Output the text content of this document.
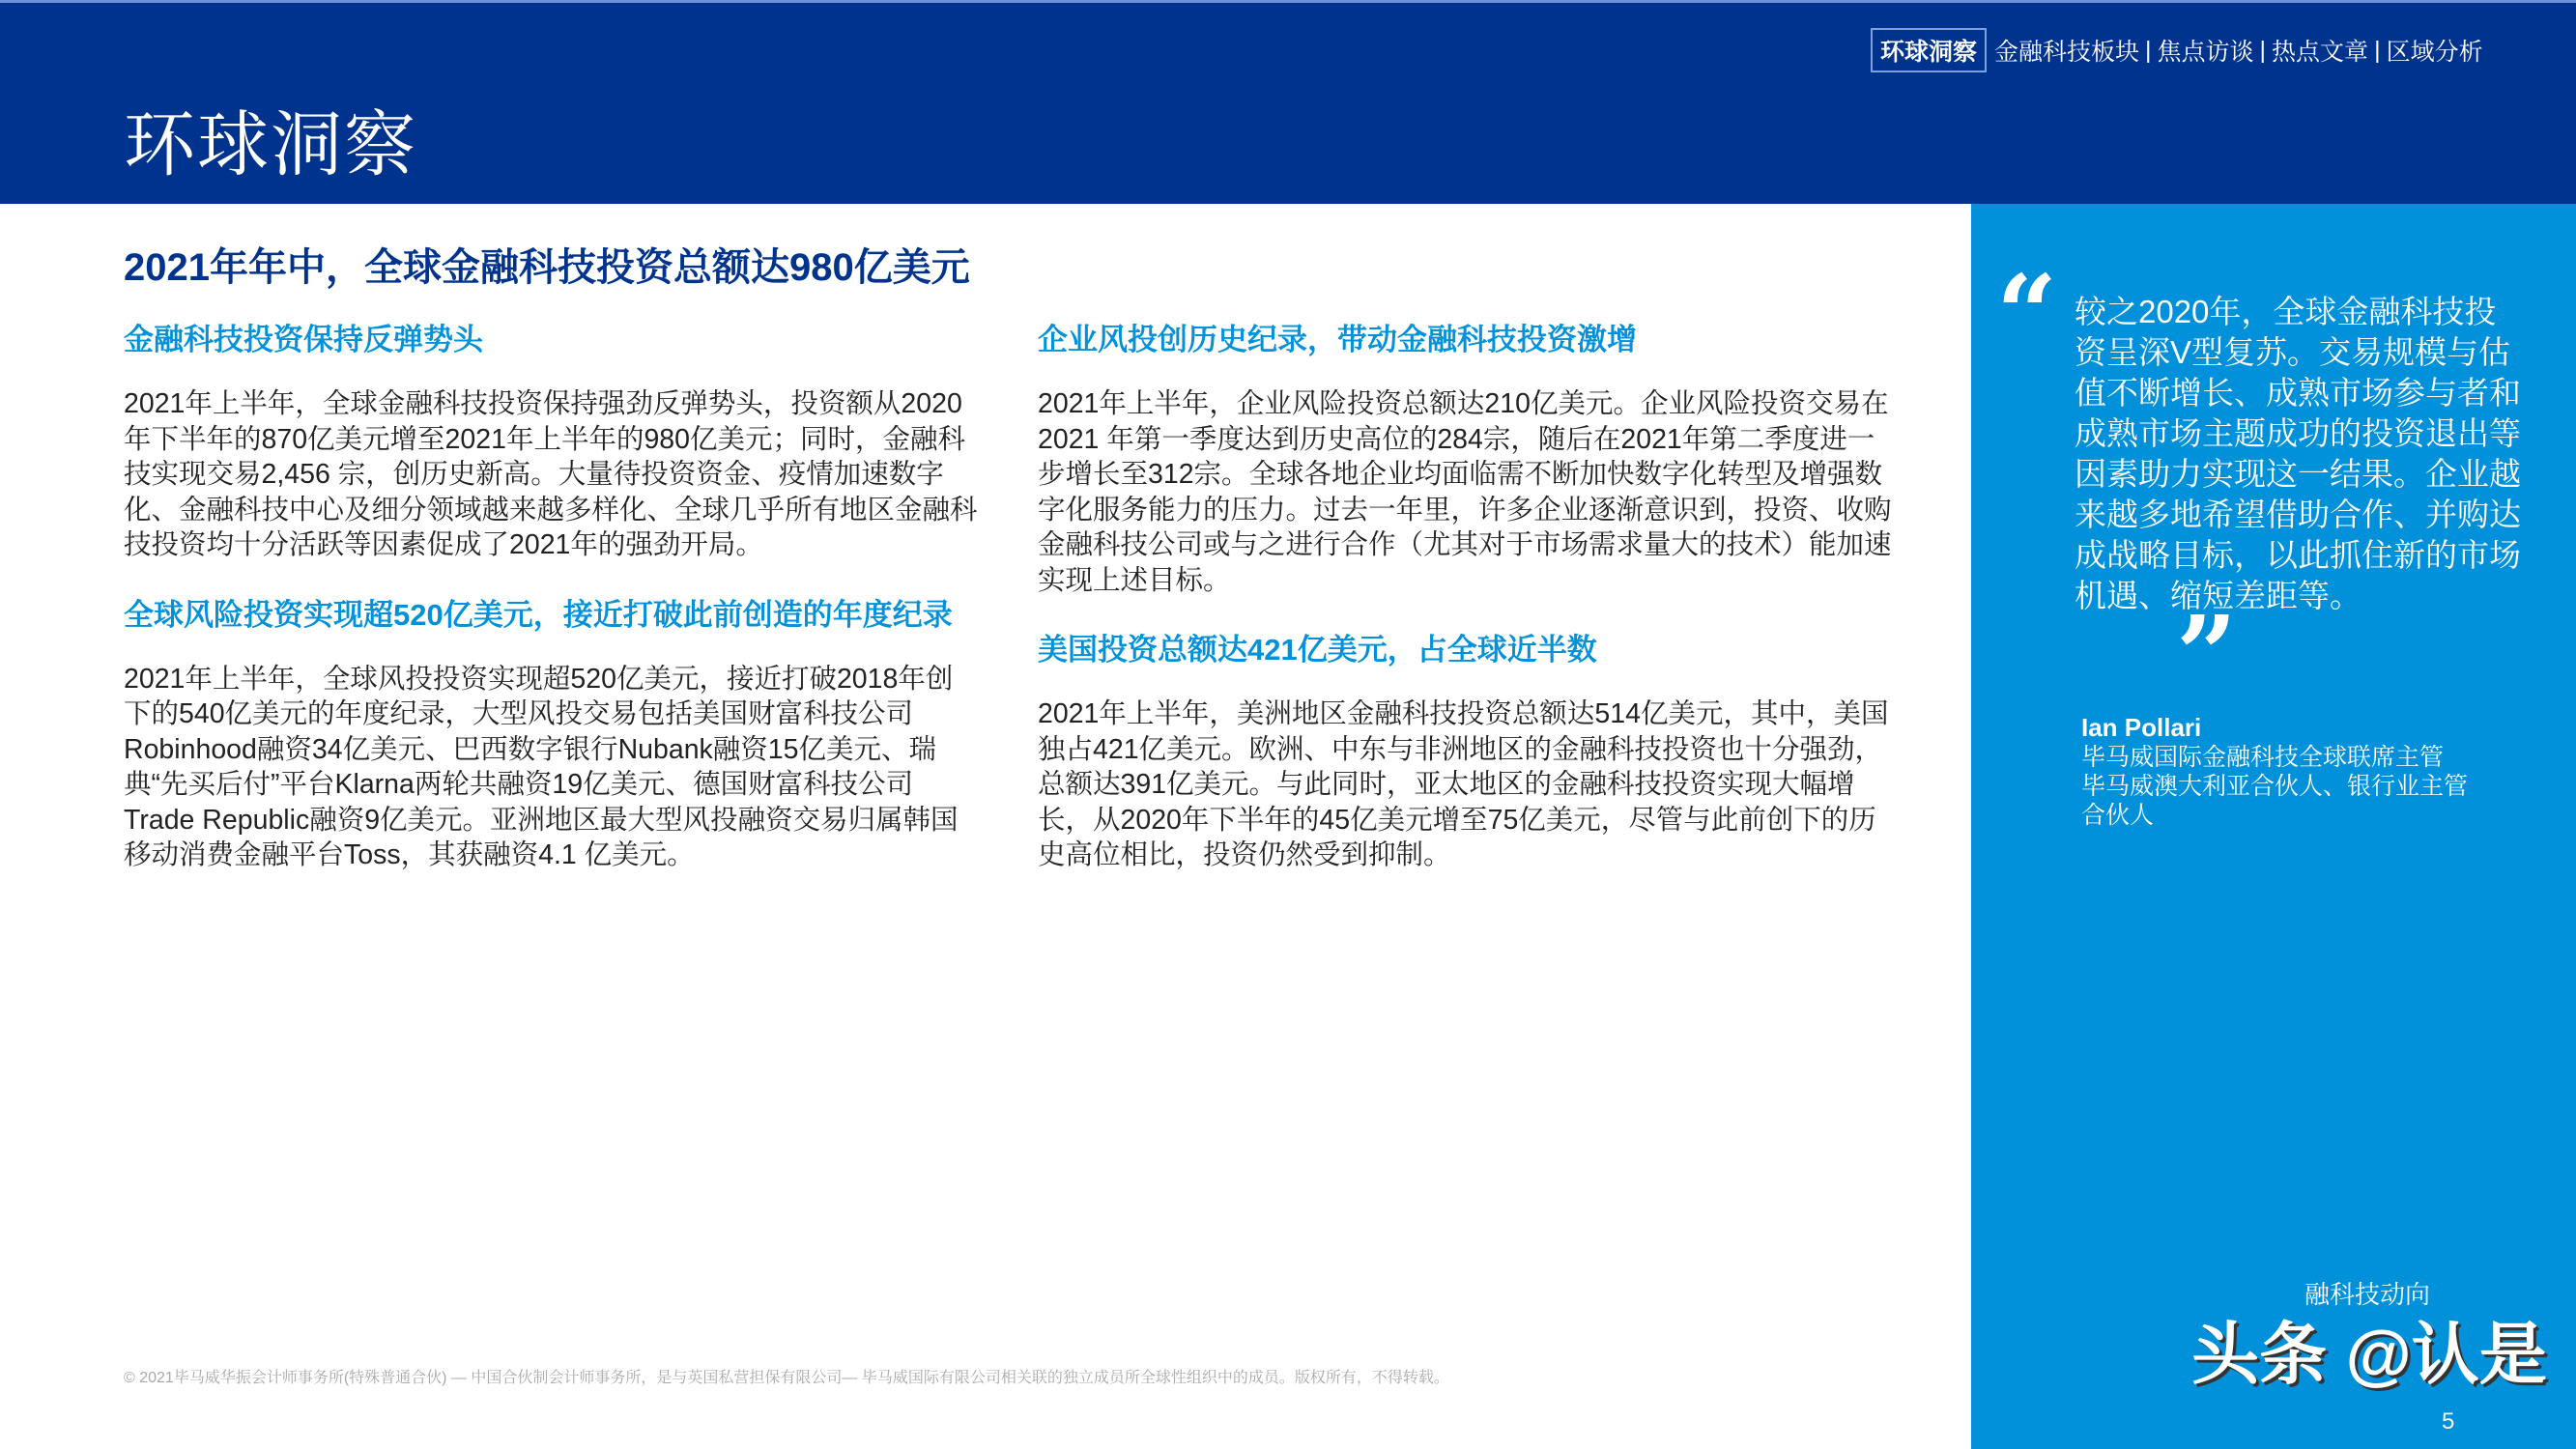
环球洞察
环球洞察 金融科技板块 | 焦点访谈 | 热点文章 | 区域分析
2021年年中，全球金融科技投资总额达980亿美元
金融科技投资保持反弹势头
2021年上半年，全球金融科技投资保持强劲反弹势头，投资额从2020年下半年的870亿美元增至2021年上半年的980亿美元；同时，金融科技实现交易2,456 宗，创历史新高。大量待投资资金、疫情加速数字化、金融科技中心及细分领域越来越多样化、全球几乎所有地区金融科技投资均十分活跃等因素促成了2021年的强劲开局。
全球风险投资实现超520亿美元，接近打破此前创造的年度纪录
2021年上半年，全球风投投资实现超520亿美元，接近打破2018年创下的540亿美元的年度纪录，大型风投交易包括美国财富科技公司Robinhood融资34亿美元、巴西数字银行Nubank融资15亿美元、瑞典“先买后付”平台Klarna两轮共融资19亿美元、德国财富科技公司Trade Republic融资9亿美元。亚洲地区最大型风投融资交易归属韩国移动消费金融平台Toss，其获融资4.1 亿美元。
企业风投创历史纪录，带动金融科技投资激增
2021年上半年，企业风险投资总额达210亿美元。企业风险投资交易在2021 年第一季度达到历史高位的284宗，随后在2021年第二季度进一步增长至312宗。全球各地企业均面临需不断加快数字化转型及增强数字化服务能力的压力。过去一年里，许多企业逐渐意识到，投资、收购金融科技公司或与之进行合作（尤其对于市场需求量大的技术）能加速实现上述目标。
美国投资总额达421亿美元，占全球近半数
2021年上半年，美洲地区金融科技投资总额达514亿美元，其中，美国独占421亿美元。欧洲、中东与非洲地区的金融科技投资也十分强劲，总额达391亿美元。与此同时，亚太地区的金融科技投资实现大幅增长，从2020年下半年的45亿美元增至75亿美元，尽管与此前创下的历史高位相比，投资仍然受到抑制。
“ 较之2020年，全球金融科技投资呈深V型复苏。交易规模与估值不断增长、成熟市场参与者和成熟市场主题成功的投资退出等因素助力实现这一结果。企业越来越多地希望借助合作、并购达成战略目标，以此抓住新的市场机遇、缩短差距等。
”
Ian Pollari
毕马威国际金融科技全球联席主管
毕马威澳大利亚合伙人、银行业主管合伙人
© 2021毕马威华振会计师事务所(特殊普通合伙) — 中国合伙制会计师事务所，是与英国私营担保有限公司— 毕马威国际有限公司相关联的独立成员所全球性组织中的成员。版权所有，不得转载。
融科技动向
头条 @认是
5
